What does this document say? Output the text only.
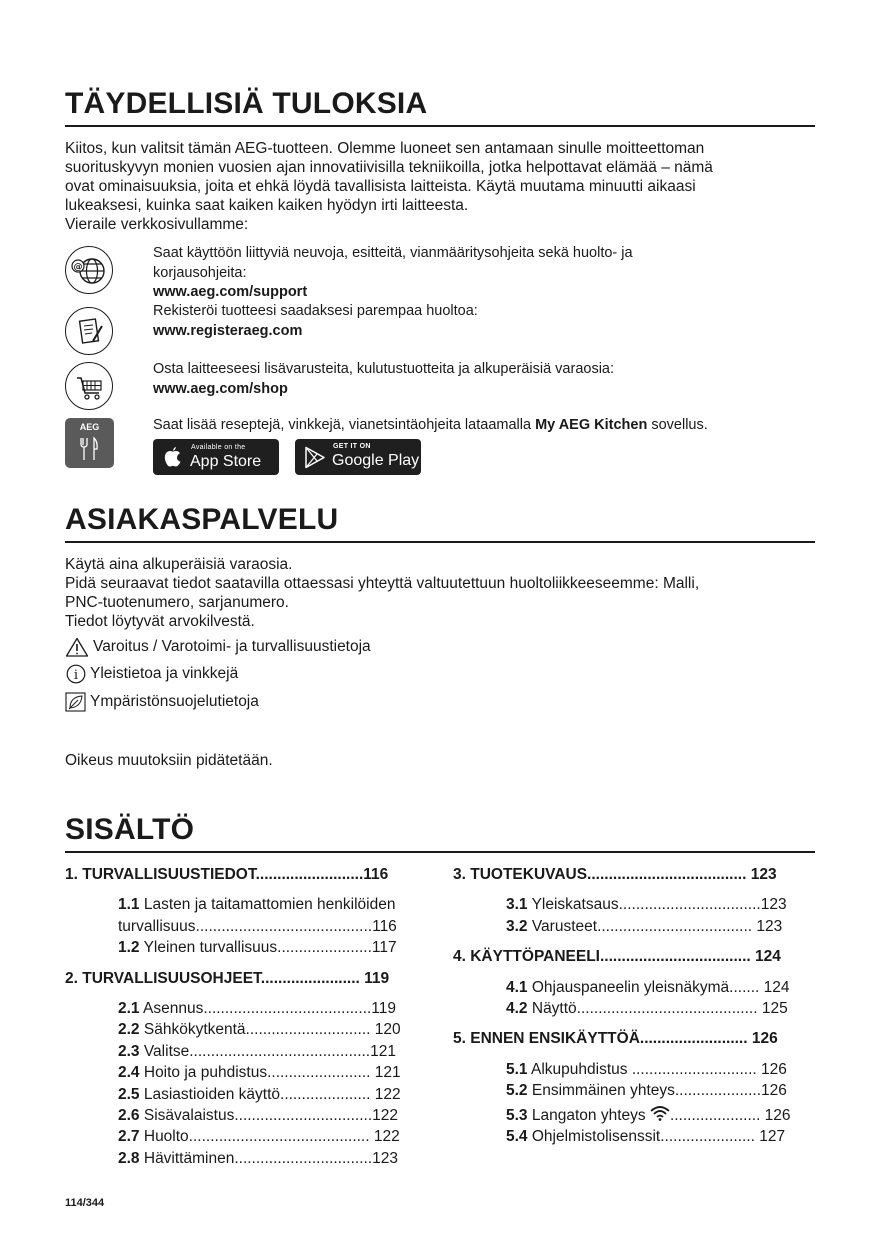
TÄYDELLISIÄ TULOKSIA
Kiitos, kun valitsit tämän AEG-tuotteen. Olemme luoneet sen antamaan sinulle moitteettoman
suorituskyvyn monien vuosien ajan innovatiivisilla tekniikoilla, jotka helpottavat elämää – nämä
ovat ominaisuuksia, joita et ehkä löydä tavallisista laitteista. Käytä muutama minuutti aikaasi
lukeaksesi, kuinka saat kaiken kaiken hyödyn irti laitteesta.
Vieraile verkkosivullamme:
@
Saat käyttöön liittyviä neuvoja, esitteitä, vianmääritysohjeita sekä huolto- ja
korjausohjeita:
www.aeg.com/support
Rekisteröi tuotteesi saadaksesi parempaa huoltoa:
www.registeraeg.com
Osta laitteeseesi lisävarusteita, kulutustuotteita ja alkuperäisiä varaosia:
www.aeg.com/shop
AEG	Saat lisää reseptejä, vinkkejä, vianetsintäohjeita lataamalla My AEG Kitchen sovellus.
Available on the
App Store
GET IT ON
Google Play
ASIAKASPALVELU
Käytä aina alkuperäisiä varaosia.
Pidä seuraavat tiedot saatavilla ottaessasi yhteyttä valtuutettuun huoltoliikkeeseemme: Malli,
PNC-tuotenumero, sarjanumero.
Tiedot löytyvät arvokilvestä.
Varoitus / Varotoimi- ja turvallisuustietoja
i Yleistietoa ja vinkkejä
Ympäristönsuojelutietoja
Oikeus muutoksiin pidätetään.
SISÄLTÖ
1. TURVALLISUUSTIEDOT.........................116
1.1 Lasten ja taitamattomien henkilöiden
turvallisuus.........................................116
1.2 Yleinen turvallisuus......................117
2. TURVALLISUUSOHJEET....................... 119
2.1 Asennus.......................................119
2.2 Sähkökytkentä............................. 120
2.3 Valitse..........................................121
2.4 Hoito ja puhdistus........................ 121
2.5 Lasiastioiden käyttö..................... 122
2.6 Sisävalaistus................................122
2.7 Huolto.......................................... 122
2.8 Hävittäminen................................123
3. TUOTEKUVAUS..................................... 123
3.1 Yleiskatsaus.................................123
3.2 Varusteet.................................... 123
4. KÄYTTÖPANEELI................................... 124
4.1 Ohjauspaneelin yleisnäkymä....... 124
4.2 Näyttö.......................................... 125
5. ENNEN ENSIKÄYTTÖÄ......................... 126
5.1 Alkupuhdistus ............................. 126
5.2 Ensimmäinen yhteys....................126
5.3 Langaton yhteys ..................... 126
5.4 Ohjelmistolisenssit...................... 127
114/344
